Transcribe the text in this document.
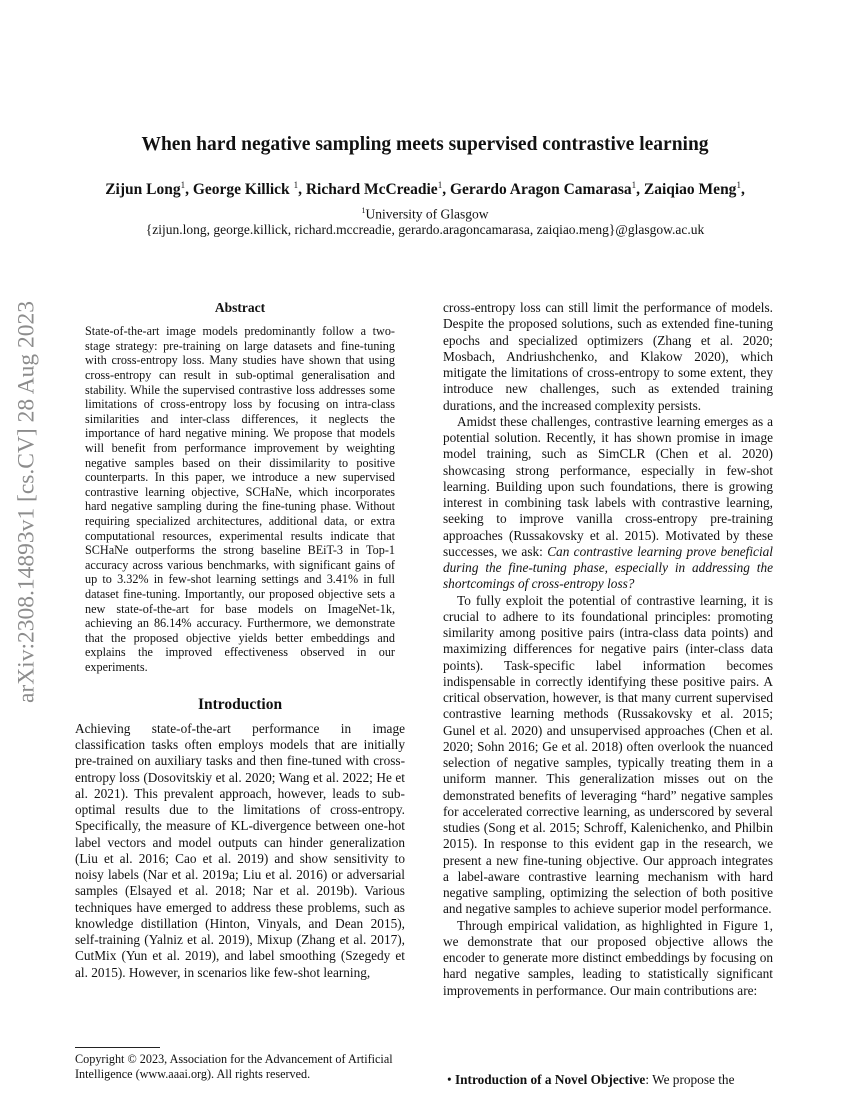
arXiv:2308.14893v1 [cs.CV] 28 Aug 2023
When hard negative sampling meets supervised contrastive learning
Zijun Long$^1$, George Killick $^1$, Richard McCreadie$^1$, Gerardo Aragon Camarasa$^1$, Zaiqiao Meng$^1$,
$^1$University of Glasgow
{zijun.long, george.killick, richard.mccreadie, gerardo.aragoncamarasa, zaiqiao.meng}@glasgow.ac.uk
Abstract

State-of-the-art image models predominantly follow a two-stage strategy: pre-training on large datasets and fine-tuning with cross-entropy loss. Many studies have shown that using cross-entropy can result in sub-optimal generalisation and stability. While the supervised contrastive loss addresses some limitations of cross-entropy loss by focusing on intra-class similarities and inter-class differences, it neglects the importance of hard negative mining. We propose that models will benefit from performance improvement by weighting negative samples based on their dissimilarity to positive counterparts. In this paper, we introduce a new supervised contrastive learning objective, SCHaNe, which incorporates hard negative sampling during the fine-tuning phase. Without requiring specialized architectures, additional data, or extra computational resources, experimental results indicate that SCHaNe outperforms the strong baseline BEiT-3 in Top-1 accuracy across various benchmarks, with significant gains of up to 3.32% in few-shot learning settings and 3.41% in full dataset fine-tuning. Importantly, our proposed objective sets a new state-of-the-art for base models on ImageNet-1k, achieving an 86.14% accuracy. Furthermore, we demonstrate that the proposed objective yields better embeddings and explains the improved effectiveness observed in our experiments.

Introduction

Achieving state-of-the-art performance in image classification tasks often employs models that are initially pre-trained on auxiliary tasks and then fine-tuned with cross-entropy loss (Dosovitskiy et al. 2020; Wang et al. 2022; He et al. 2021). This prevalent approach, however, leads to sub-optimal results due to the limitations of cross-entropy. Specifically, the measure of KL-divergence between one-hot label vectors and model outputs can hinder generalization (Liu et al. 2016; Cao et al. 2019) and show sensitivity to noisy labels (Nar et al. 2019a; Liu et al. 2016) or adversarial samples (Elsayed et al. 2018; Nar et al. 2019b). Various techniques have emerged to address these problems, such as knowledge distillation (Hinton, Vinyals, and Dean 2015), self-training (Yalniz et al. 2019), Mixup (Zhang et al. 2017), CutMix (Yun et al. 2019), and label smoothing (Szegedy et al. 2015). However, in scenarios like few-shot learning,

Copyright © 2023, Association for the Advancement of Artificial Intelligence (www.aaai.org). All rights reserved.

cross-entropy loss can still limit the performance of models. Despite the proposed solutions, such as extended fine-tuning epochs and specialized optimizers (Zhang et al. 2020; Mosbach, Andriushchenko, and Klakow 2020), which mitigate the limitations of cross-entropy to some extent, they introduce new challenges, such as extended training durations, and the increased complexity persists.

Amidst these challenges, contrastive learning emerges as a potential solution. Recently, it has shown promise in image model training, such as SimCLR (Chen et al. 2020) showcasing strong performance, especially in few-shot learning. Building upon such foundations, there is growing interest in combining task labels with contrastive learning, seeking to improve vanilla cross-entropy pre-training approaches (Russakovsky et al. 2015). Motivated by these successes, we ask: Can contrastive learning prove beneficial during the fine-tuning phase, especially in addressing the shortcomings of cross-entropy loss?

To fully exploit the potential of contrastive learning, it is crucial to adhere to its foundational principles: promoting similarity among positive pairs (intra-class data points) and maximizing differences for negative pairs (inter-class data points). Task-specific label information becomes indispensable in correctly identifying these positive pairs. A critical observation, however, is that many current supervised contrastive learning methods (Russakovsky et al. 2015; Gunel et al. 2020) and unsupervised approaches (Chen et al. 2020; Sohn 2016; Ge et al. 2018) often overlook the nuanced selection of negative samples, typically treating them in a uniform manner. This generalization misses out on the demonstrated benefits of leveraging “hard” negative samples for accelerated corrective learning, as underscored by several studies (Song et al. 2015; Schroff, Kalenichenko, and Philbin 2015). In response to this evident gap in the research, we present a new fine-tuning objective. Our approach integrates a label-aware contrastive learning mechanism with hard negative sampling, optimizing the selection of both positive and negative samples to achieve superior model performance.

Through empirical validation, as highlighted in Figure 1, we demonstrate that our proposed objective allows the encoder to generate more distinct embeddings by focusing on hard negative samples, leading to statistically significant improvements in performance. Our main contributions are:

• Introduction of a Novel Objective: We propose the
